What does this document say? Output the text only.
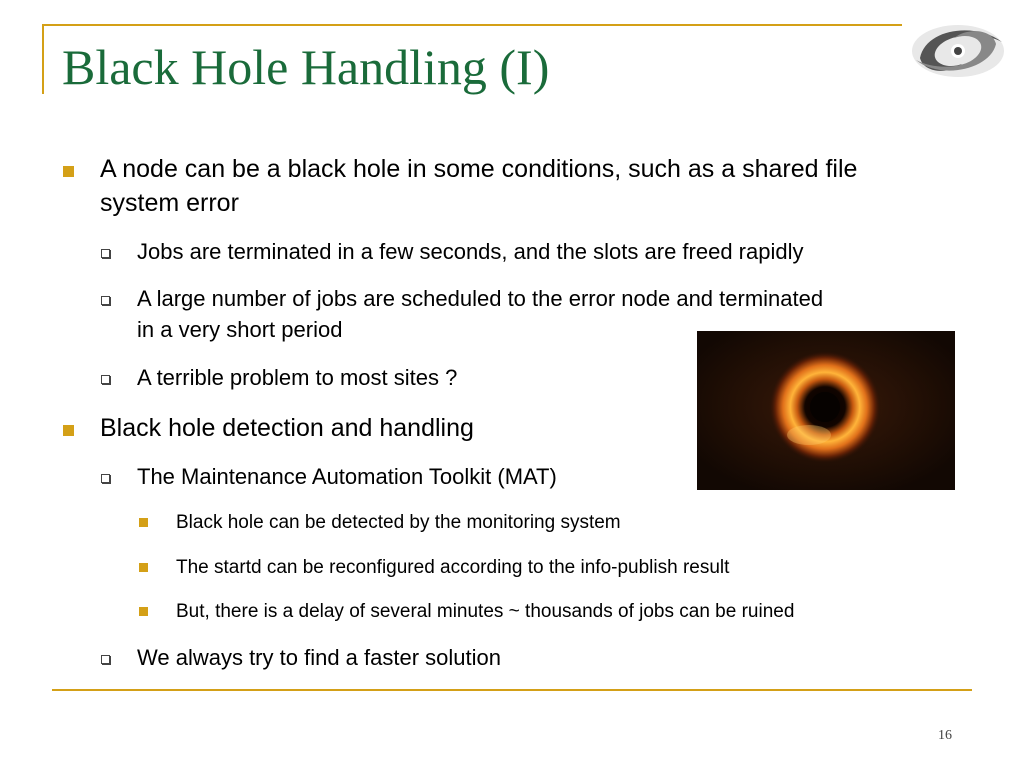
Black Hole Handling (I)
A node can be a black hole in some conditions, such as a shared file
system error
Jobs are terminated in a few seconds, and the slots are freed rapidly
A large number of jobs are scheduled to the error node and terminated
in a very short period
A terrible problem to most sites ?
Black hole detection and handling
The Maintenance Automation Toolkit (MAT)
Black hole can be detected by the monitoring system
The startd can be reconfigured according to the info-publish result
But, there is a delay of several minutes ~ thousands of jobs can be ruined
We always try to find a faster solution
16
